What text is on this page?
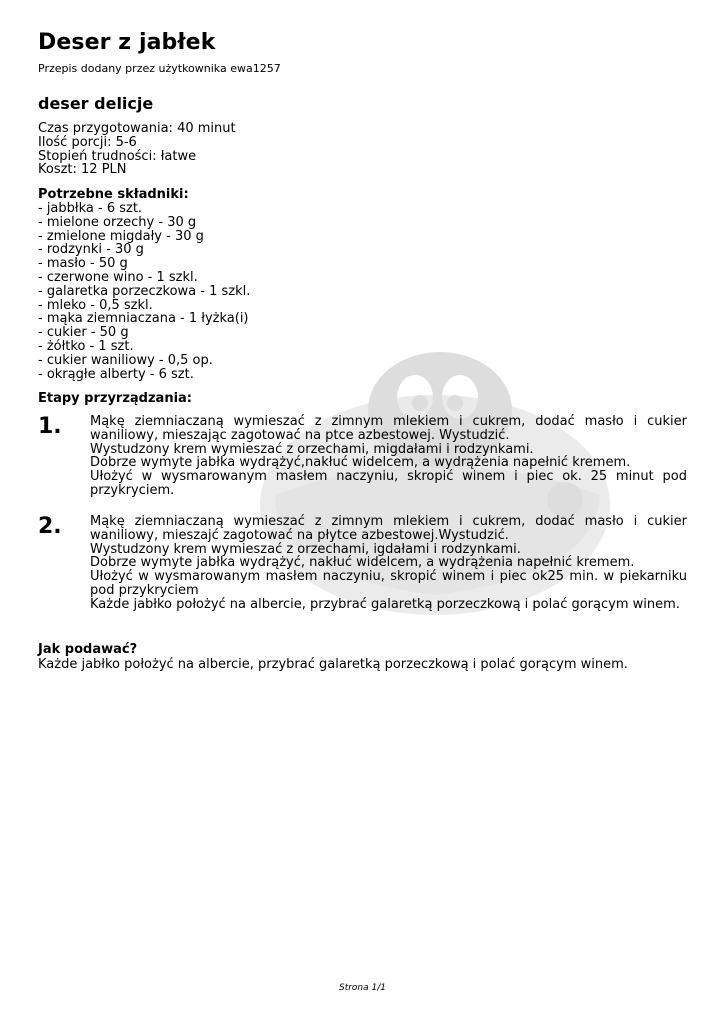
Deser z jabłek
Przepis dodany przez użytkownika ewa1257
deser delicje
Czas przygotowania: 40 minut
Ilość porcji: 5-6
Stopień trudności: łatwe
Koszt: 12 PLN
Potrzebne składniki:
- jabbłka - 6 szt.
- mielone orzechy - 30 g
- zmielone migdały - 30 g
- rodzynki - 30 g
- masło - 50 g
- czerwone wino - 1 szkl.
- galaretka porzeczkowa - 1 szkl.
- mleko - 0,5 szkl.
- mąka ziemniaczana - 1 łyżka(i)
- cukier - 50 g
- żółtko - 1 szt.
- cukier waniliowy - 0,5 op.
- okrągłe alberty - 6 szt.
Etapy przyrządzania:
1. Mąkę ziemniaczaną wymieszać z zimnym mlekiem i cukrem, dodać masło i cukier waniliowy, mieszając zagotować na ptce azbestowej. Wystudzić.

Wystudzony krem wymieszać z orzechami, migdałami i rodzynkami.

Dobrze wymyte jabłka wydrążyć,nakłuć widelcem, a wydrążenia napełnić kremem.

Ułożyć w wysmarowanym masłem naczyniu, skropić winem i piec ok. 25 minut pod przykryciem.

2. Mąkę ziemniaczaną wymieszać z zimnym mlekiem i cukrem, dodać masło i cukier waniliowy, mieszajć zagotować na płytce azbestowej.Wystudzić.

Wystudzony krem wymieszać z orzechami, igdałami i rodzynkami.

Dobrze wymyte jabłka wydrążyć, nakłuć widelcem, a wydrążenia napełnić kremem.

Ułożyć w wysmarowanym masłem naczyniu, skropić winem i piec ok25 min. w piekarniku pod przykryciem

Każde jabłko położyć na albercie, przybrać galaretką porzeczkową i polać gorącym winem.

Jak podawać?
Każde jabłko położyć na albercie, przybrać galaretką porzeczkową i polać gorącym winem.
Strona 1/1
